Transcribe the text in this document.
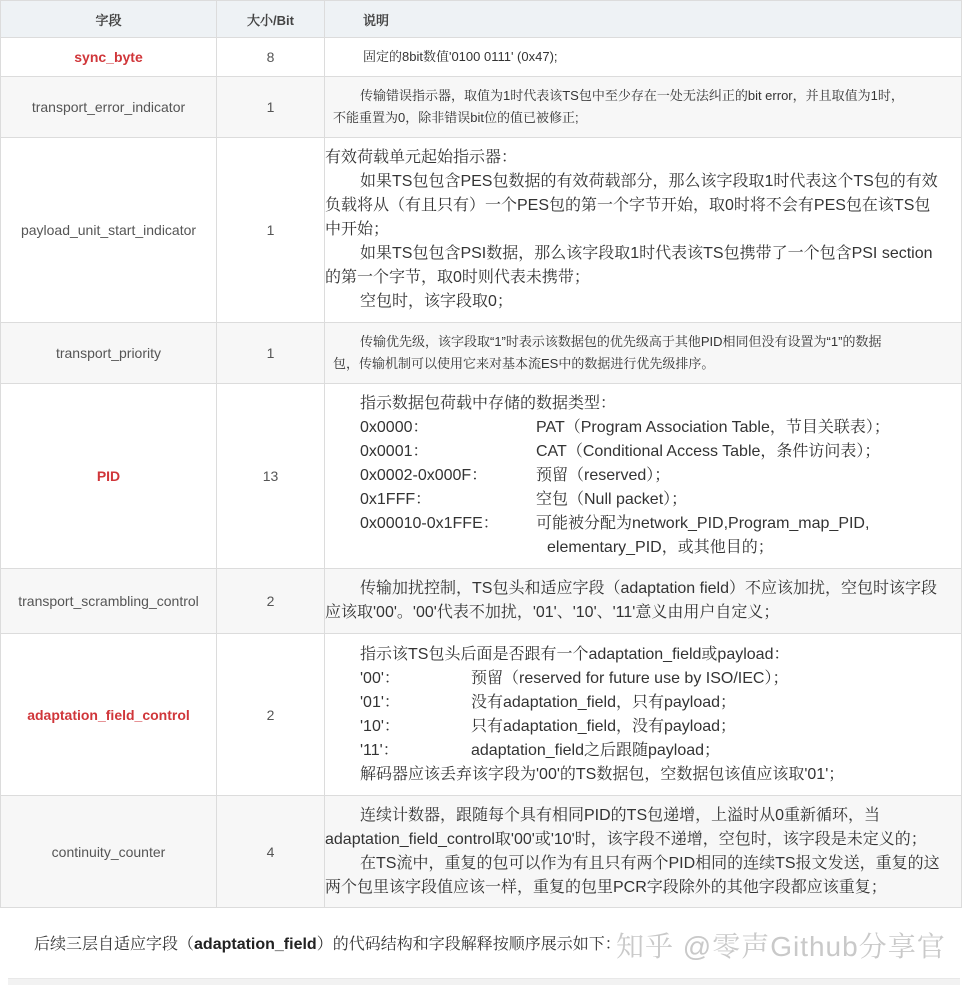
字段	大小/Bit	说明
sync_byte	8	固定的8bit数值'0100 0111' (0x47);

transport_error_indicator	1	传输错误指示器，取值为1时代表该TS包中至少存在一处无法纠正的bit error，并且取值为1时，
不能重置为0，除非错误bit位的值已被修正;

payload_unit_start_indicator	1	
有效荷载单元起始指示器：
如果TS包包含PES包数据的有效荷载部分，那么该字段取1时代表这个TS包的有效
负载将从（有且只有）一个PES包的第一个字节开始，取0时将不会有PES包在该TS包
中开始；
如果TS包包含PSI数据，那么该字段取1时代表该TS包携带了一个包含PSI section
的第一个字节，取0时则代表未携带；
空包时，该字段取0；

transport_priority	1	传输优先级，该字段取“1”时表示该数据包的优先级高于其他PID相同但没有设置为“1”的数据
包，传输机制可以使用它来对基本流ES中的数据进行优先级排序。

PID	13	
指示数据包荷载中存储的数据类型：
0x0000：	PAT（Program Association Table，节目关联表）；
0x0001：	CAT（Conditional Access Table，条件访问表）；
0x0002-0x000F：	预留（reserved）；
0x1FFF：	空包（Null packet）；
0x00010-0x1FFE：	可能被分配为network_PID,Program_map_PID,
elementary_PID，或其他目的；

transport_scrambling_control	2	传输加扰控制，TS包头和适应字段（adaptation field）不应该加扰，空包时该字段
应该取'00'。'00'代表不加扰，'01'、'10'、'11'意义由用户自定义；

adaptation_field_control	2	
指示该TS包头后面是否跟有一个adaptation_field或payload：
'00'：	预留（reserved for future use by ISO/IEC）；
'01'：	没有adaptation_field，只有payload；
'10'：	只有adaptation_field，没有payload；
'11'：	adaptation_field之后跟随payload；
解码器应该丢弃该字段为'00'的TS数据包，空数据包该值应该取'01'；

continuity_counter	4	连续计数器，跟随每个具有相同PID的TS包递增，上溢时从0重新循环，当
adaptation_field_control取'00'或'10'时，该字段不递增，空包时，该字段是未定义的；
在TS流中，重复的包可以作为有且只有两个PID相同的连续TS报文发送，重复的这
两个包里该字段值应该一样，重复的包里PCR字段除外的其他字段都应该重复；
后续三层自适应字段（adaptation_field）的代码结构和字段解释按顺序展示如下：
知乎 @零声Github分享官
